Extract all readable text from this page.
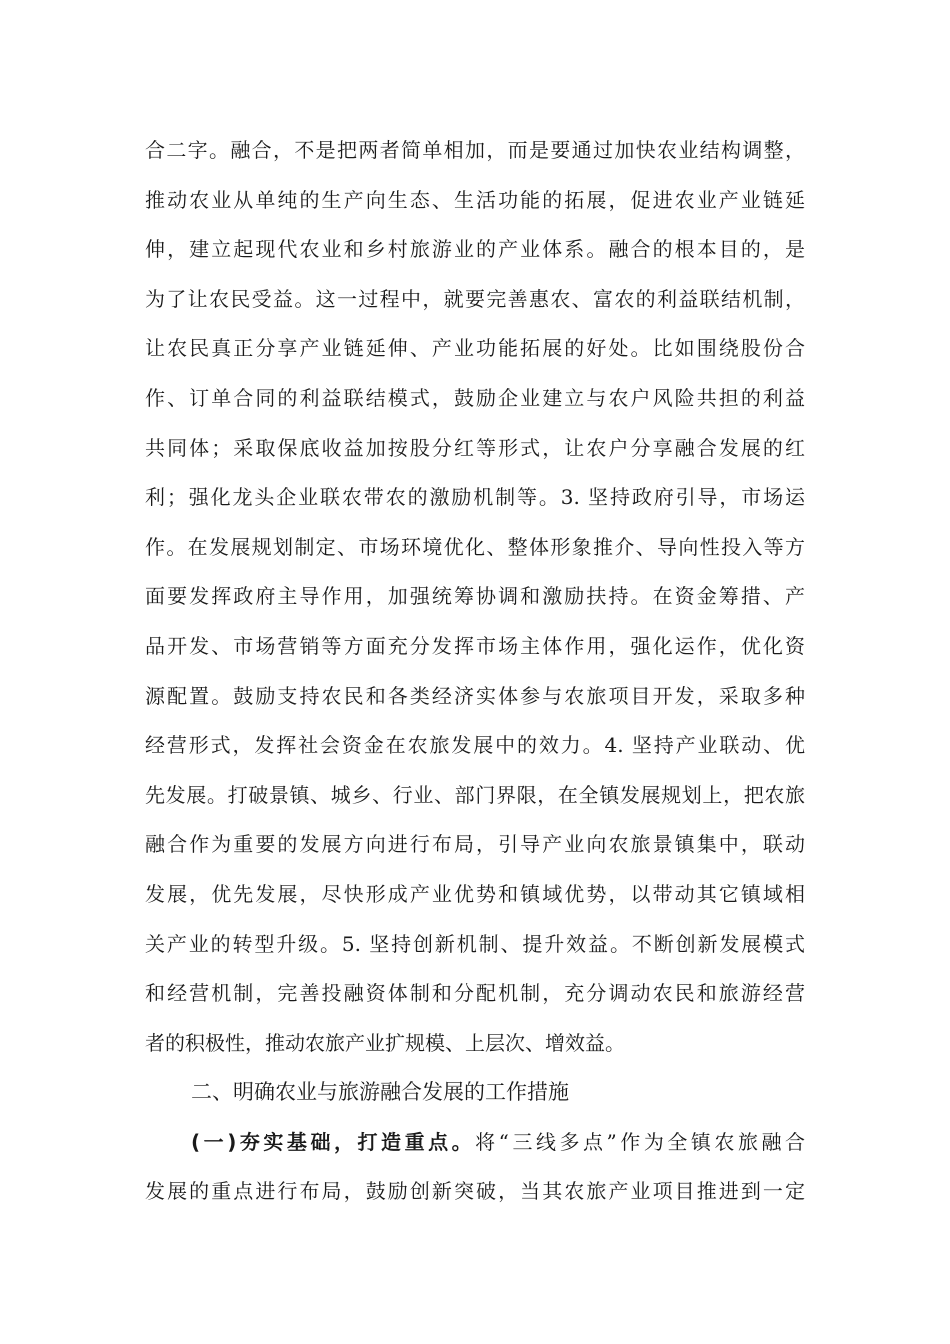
合二字。融合，不是把两者简单相加，而是要通过加快农业结构调整，
推动农业从单纯的生产向生态、生活功能的拓展，促进农业产业链延
伸，建立起现代农业和乡村旅游业的产业体系。融合的根本目的，是
为了让农民受益。这一过程中，就要完善惠农、富农的利益联结机制，
让农民真正分享产业链延伸、产业功能拓展的好处。比如围绕股份合
作、订单合同的利益联结模式，鼓励企业建立与农户风险共担的利益
共同体；采取保底收益加按股分红等形式，让农户分享融合发展的红
利；强化龙头企业联农带农的激励机制等。3. 坚持政府引导，市场运
作。在发展规划制定、市场环境优化、整体形象推介、导向性投入等方
面要发挥政府主导作用，加强统筹协调和激励扶持。在资金筹措、产
品开发、市场营销等方面充分发挥市场主体作用，强化运作，优化资
源配置。鼓励支持农民和各类经济实体参与农旅项目开发，采取多种
经营形式，发挥社会资金在农旅发展中的效力。4. 坚持产业联动、优
先发展。打破景镇、城乡、行业、部门界限，在全镇发展规划上，把农旅
融合作为重要的发展方向进行布局，引导产业向农旅景镇集中，联动
发展，优先发展，尽快形成产业优势和镇域优势，以带动其它镇域相
关产业的转型升级。5. 坚持创新机制、提升效益。不断创新发展模式
和经营机制，完善投融资体制和分配机制，充分调动农民和旅游经营
者的积极性，推动农旅产业扩规模、上层次、增效益。
二、明确农业与旅游融合发展的工作措施
(一)夯实基础，打造重点。将“三线多点”作为全镇农旅融合
发展的重点进行布局，鼓励创新突破，当其农旅产业项目推进到一定
